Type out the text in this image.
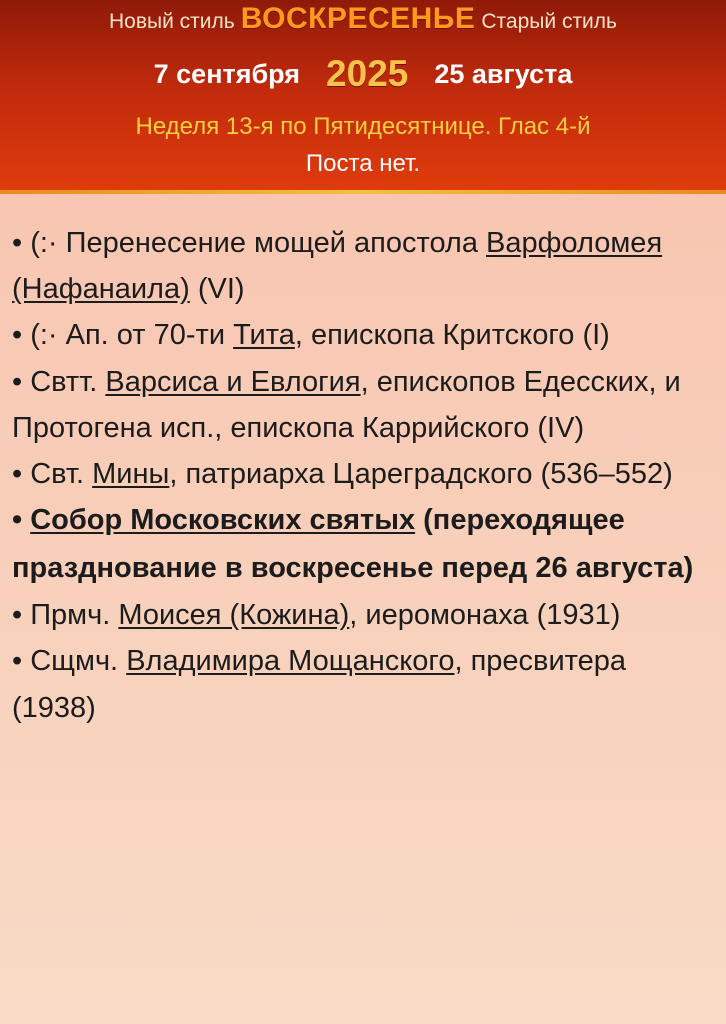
Новый стиль ВОСКРЕСЕНЬЕ Старый стиль
7 сентября 2025 25 августа
Неделя 13-я по Пятидесятнице. Глас 4-й
Поста нет.

• (:· Перенесение мощей апостола Варфоломея (Нафанаила) (VI)

• (:· Ап. от 70-ти Тита, епископа Критского (I)

• Свтт. Варсиса и Евлогия, епископов Едесских, и Протогена исп., епископа Каррийского (IV)

• Свт. Мины, патриарха Цареградского (536–552)

• Собор Московских святых (переходящее празднование в воскресенье перед 26 августа)

• Прмч. Моисея (Кожина), иеромонаха (1931)

• Сщмч. Владимира Мощанского, пресвитера (1938)
